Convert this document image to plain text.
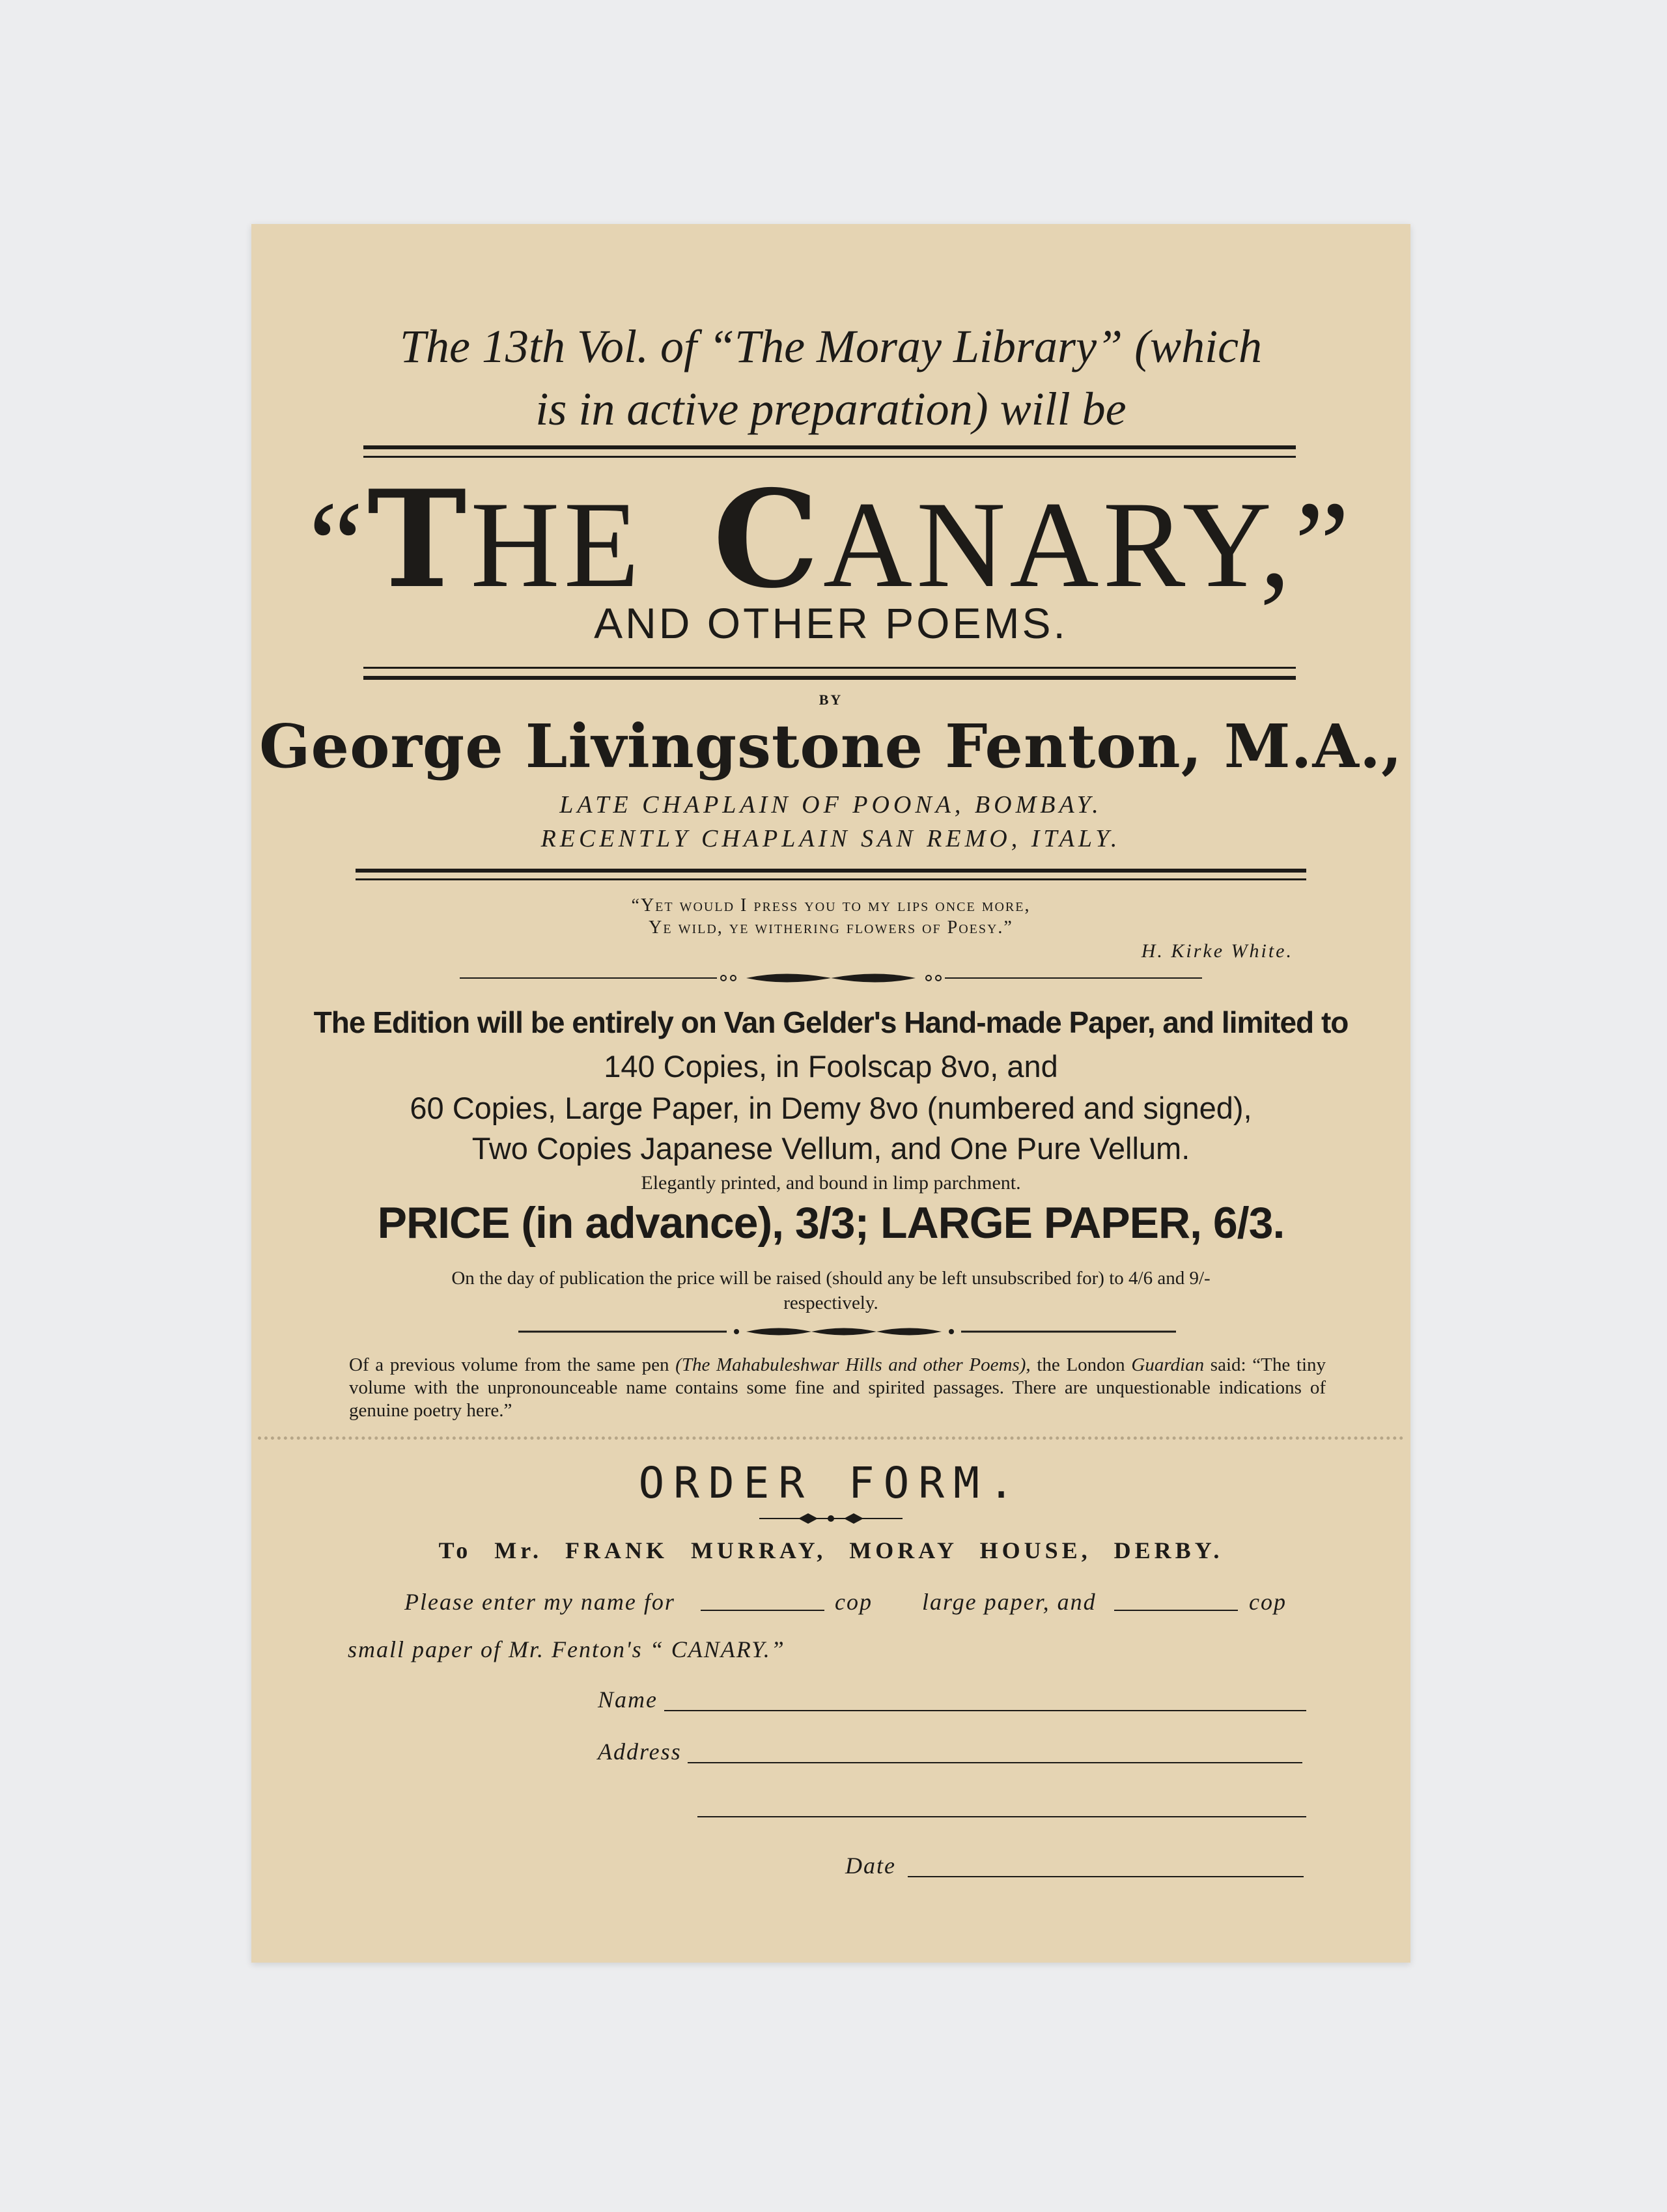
The 13th Vol. of “The Moray Library” (which
is in active preparation) will be
“THE CANARY,”
AND OTHER POEMS.
BY
George Livingstone Fenton, M.A.,
LATE CHAPLAIN OF POONA, BOMBAY.
RECENTLY CHAPLAIN SAN REMO, ITALY.
“Yet would I press you to my lips once more,
Ye wild, ye withering flowers of Poesy.”
H. Kirke White.
The Edition will be entirely on Van Gelder's Hand-made Paper, and limited to
140 Copies, in Foolscap 8vo, and
60 Copies, Large Paper, in Demy 8vo (numbered and signed),
Two Copies Japanese Vellum, and One Pure Vellum.
Elegantly printed, and bound in limp parchment.
PRICE (in advance), 3/3; LARGE PAPER, 6/3.
On the day of publication the price will be raised (should any be left unsubscribed for) to 4/6 and 9/-
respectively.
Of a previous volume from the same pen (The Mahabuleshwar Hills and other Poems), the London Guardian said: “The tiny volume with the unpronounceable name contains some fine and spirited passages. There are unquestionable indications of genuine poetry here.”
ORDER FORM.
To Mr. FRANK MURRAY, MORAY HOUSE, DERBY.
Please enter my name for	cop large paper, and	cop
small paper of Mr. Fenton's “ CANARY.”
Name
Address
Date
